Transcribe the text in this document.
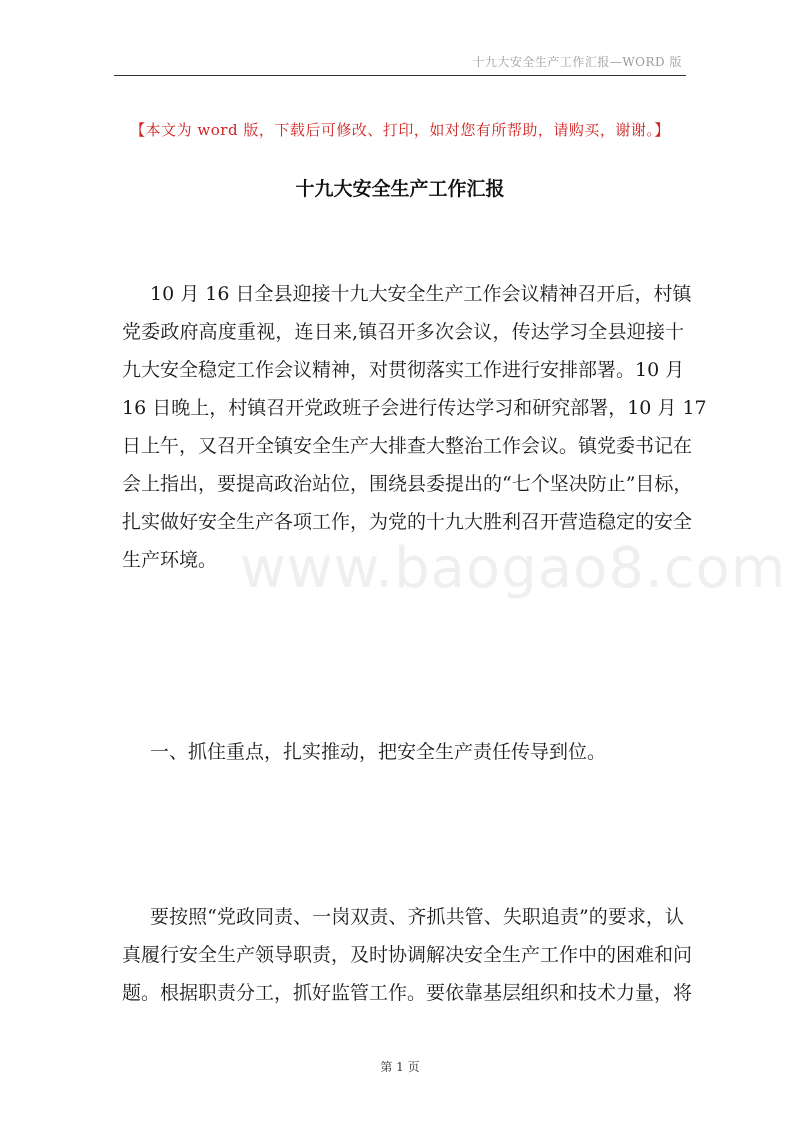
十九大安全生产工作汇报—WORD 版
【本文为 word 版，下载后可修改、打印，如对您有所帮助，请购买，谢谢。】
十九大安全生产工作汇报
10 月 16 日全县迎接十九大安全生产工作会议精神召开后，村镇
党委政府高度重视，连日来,镇召开多次会议，传达学习全县迎接十
九大安全稳定工作会议精神，对贯彻落实工作进行安排部署。10 月
16 日晚上，村镇召开党政班子会进行传达学习和研究部署，10 月 17
日上午，又召开全镇安全生产大排查大整治工作会议。镇党委书记在
会上指出，要提高政治站位，围绕县委提出的“七个坚决防止”目标，
扎实做好安全生产各项工作，为党的十九大胜利召开营造稳定的安全
生产环境。 www.baogao8.com
一、抓住重点，扎实推动，把安全生产责任传导到位。
要按照“党政同责、一岗双责、齐抓共管、失职追责”的要求，认
真履行安全生产领导职责，及时协调解决安全生产工作中的困难和问
题。根据职责分工，抓好监管工作。要依靠基层组织和技术力量，将
第 1 页
